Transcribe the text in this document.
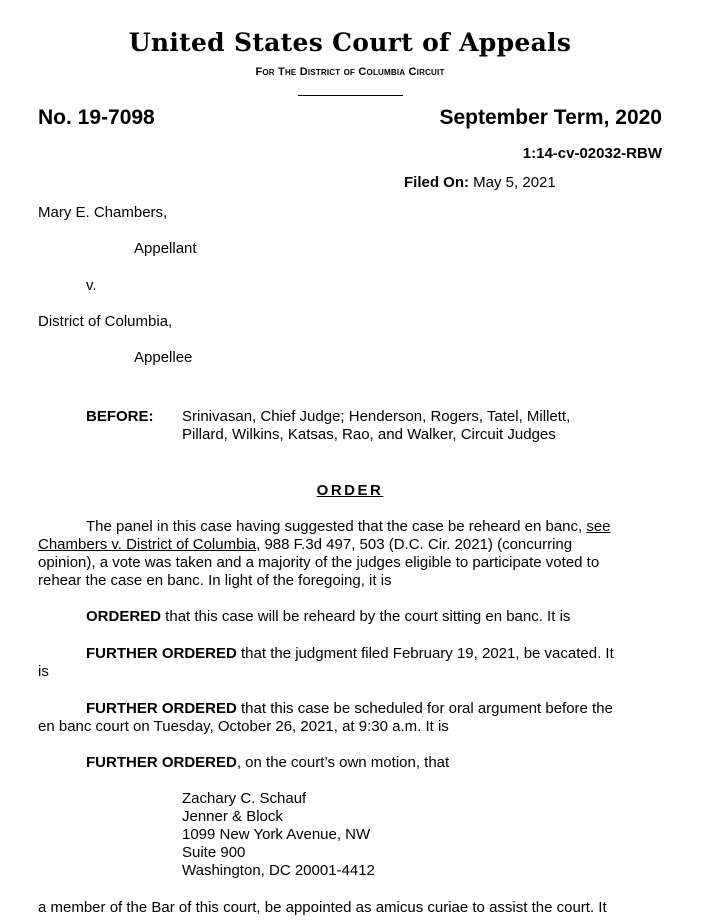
United States Court of Appeals
For The District of Columbia Circuit
No. 19-7098	September Term, 2020
1:14-cv-02032-RBW
Filed On: May 5, 2021
Mary E. Chambers,
Appellant
v.
District of Columbia,
Appellee
BEFORE: Srinivasan, Chief Judge; Henderson, Rogers, Tatel, Millett,
Pillard, Wilkins, Katsas, Rao, and Walker, Circuit Judges
ORDER
The panel in this case having suggested that the case be reheard en banc, see
Chambers v. District of Columbia, 988 F.3d 497, 503 (D.C. Cir. 2021) (concurring
opinion), a vote was taken and a majority of the judges eligible to participate voted to
rehear the case en banc. In light of the foregoing, it is
ORDERED that this case will be reheard by the court sitting en banc. It is
FURTHER ORDERED that the judgment filed February 19, 2021, be vacated. It
is
FURTHER ORDERED that this case be scheduled for oral argument before the
en banc court on Tuesday, October 26, 2021, at 9:30 a.m. It is
FURTHER ORDERED, on the court’s own motion, that
Zachary C. Schauf
Jenner & Block
1099 New York Avenue, NW
Suite 900
Washington, DC 20001-4412
a member of the Bar of this court, be appointed as amicus curiae to assist the court. It
